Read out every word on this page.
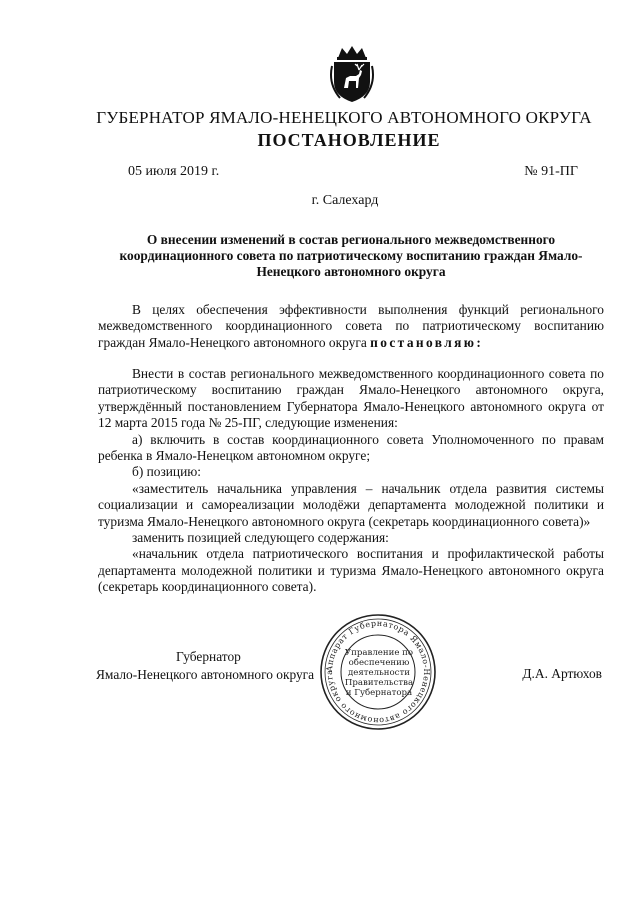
ГУБЕРНАТОР ЯМАЛО-НЕНЕЦКОГО АВТОНОМНОГО ОКРУГА
ПОСТАНОВЛЕНИЕ
05 июля 2019 г.	№ 91-ПГ
г. Салехард
О внесении изменений в состав регионального межведомственного координационного совета по патриотическому воспитанию граждан Ямало-Ненецкого автономного округа

В целях обеспечения эффективности выполнения функций регионального межведомственного координационного совета по патриотическому воспитанию граждан Ямало-Ненецкого автономного округа постановляю:

Внести в состав регионального межведомственного координационного совета по патриотическому воспитанию граждан Ямало-Ненецкого автономного округа, утверждённый постановлением Губернатора Ямало-Ненецкого автономного округа от 12 марта 2015 года № 25-ПГ, следующие изменения:

а) включить в состав координационного совета Уполномоченного по правам ребенка в Ямало-Ненецком автономном округе;

б) позицию:

«заместитель начальника управления – начальник отдела развития системы социализации и самореализации молодёжи департамента молодежной политики и туризма Ямало-Ненецкого автономного округа (секретарь координационного совета)»

заменить позицией следующего содержания:

«начальник отдела патриотического воспитания и профилактической работы департамента молодежной политики и туризма Ямало-Ненецкого автономного округа (секретарь координационного совета).

Губернатор
Ямало-Ненецкого автономного округа	Д.А. Артюхов
Аппарат Губернатора Ямало-Ненецкого автономного округа
Управление по
обеспечению
деятельности
Правительства
и Губернатора
